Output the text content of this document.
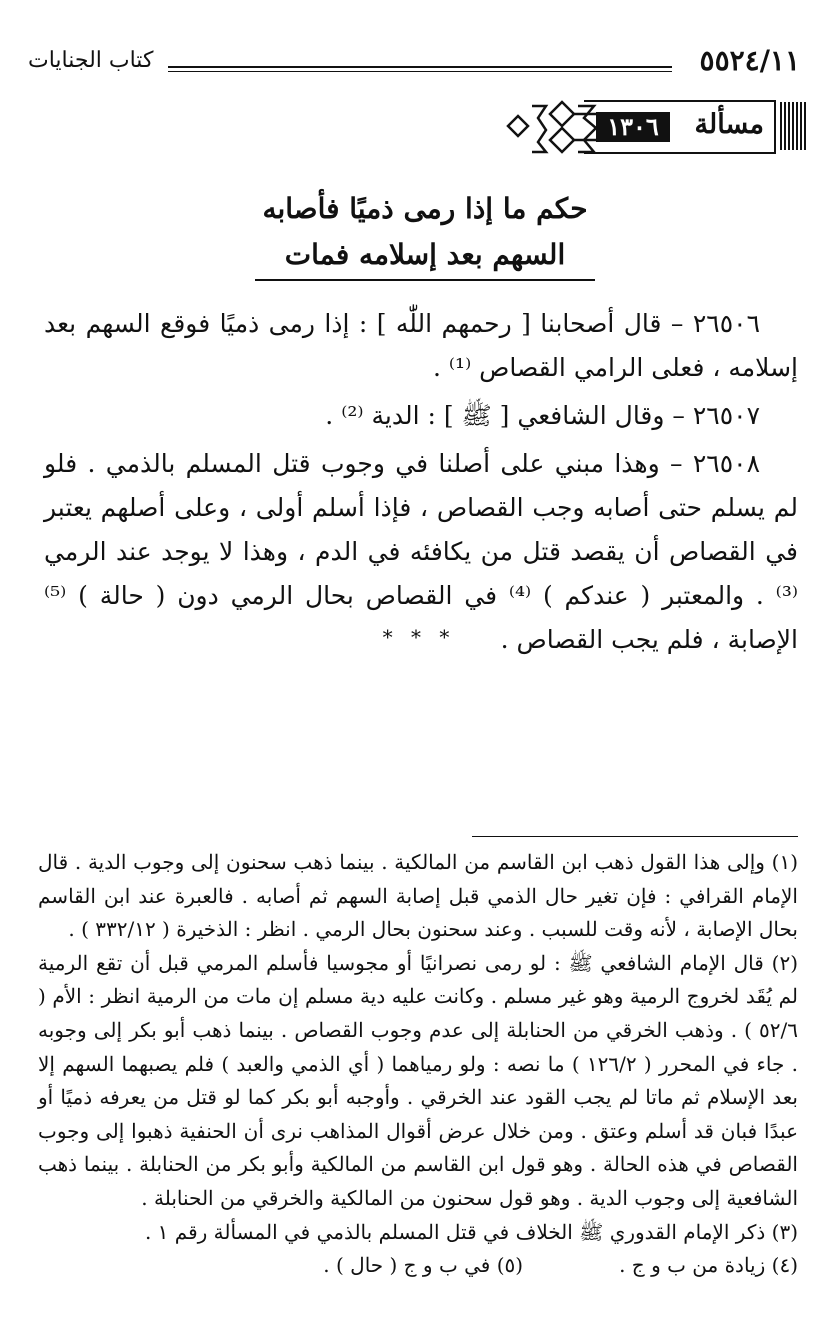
٥٥٢٤/١١
كتاب الجنايات
مسألة
١٣٠٦
حكم ما إذا رمى ذميًا فأصابه
السهم بعد إسلامه فمات

٢٦٥٠٦ – قال أصحابنا [ رحمهم اللّٰه ] : إذا رمى ذميًا فوقع السهم بعد إسلامه ، فعلى الرامي القصاص ⁽¹⁾ .

٢٦٥٠٧ – وقال الشافعي [ ﷺ ] : الدية ⁽²⁾ .

٢٦٥٠٨ – وهذا مبني على أصلنا في وجوب قتل المسلم بالذمي . فلو لم يسلم حتى أصابه وجب القصاص ، فإذا أسلم أولى ، وعلى أصلهم يعتبر في القصاص أن يقصد قتل من يكافئه في الدم ، وهذا لا يوجد عند الرمي ⁽³⁾ . والمعتبر ( عندكم ) ⁽⁴⁾ في القصاص بحال الرمي دون ( حالة ) ⁽⁵⁾ الإصابة ، فلم يجب القصاص .

* * *
(١) وإلى هذا القول ذهب ابن القاسم من المالكية . بينما ذهب سحنون إلى وجوب الدية . قال الإمام القرافي : فإن تغير حال الذمي قبل إصابة السهم ثم أصابه . فالعبرة عند ابن القاسم بحال الإصابة ، لأنه وقت للسبب . وعند سحنون بحال الرمي . انظر : الذخيرة ( ٣٣٢/١٢ ) .
(٢) قال الإمام الشافعي ﷺ : لو رمى نصرانيًا أو مجوسيا فأسلم المرمي قبل أن تقع الرمية لم يُقَد لخروج الرمية وهو غير مسلم . وكانت عليه دية مسلم إن مات من الرمية انظر : الأم ( ٥٢/٦ ) . وذهب الخرقي من الحنابلة إلى عدم وجوب القصاص . بينما ذهب أبو بكر إلى وجوبه . جاء في المحرر ( ١٢٦/٢ ) ما نصه : ولو رمياهما ( أي الذمي والعبد ) فلم يصبهما السهم إلا بعد الإسلام ثم ماتا لم يجب القود عند الخرقي . وأوجبه أبو بكر كما لو قتل من يعرفه ذميًا أو عبدًا فبان قد أسلم وعتق . ومن خلال عرض أقوال المذاهب نرى أن الحنفية ذهبوا إلى وجوب القصاص في هذه الحالة . وهو قول ابن القاسم من المالكية وأبو بكر من الحنابلة . بينما ذهب الشافعية إلى وجوب الدية . وهو قول سحنون من المالكية والخرقي من الحنابلة .
(٣) ذكر الإمام القدوري ﷺ الخلاف في قتل المسلم بالذمي في المسألة رقم ١ .
(٤) زيادة من ب و ج .
(٥) في ب و ج ( حال ) .
